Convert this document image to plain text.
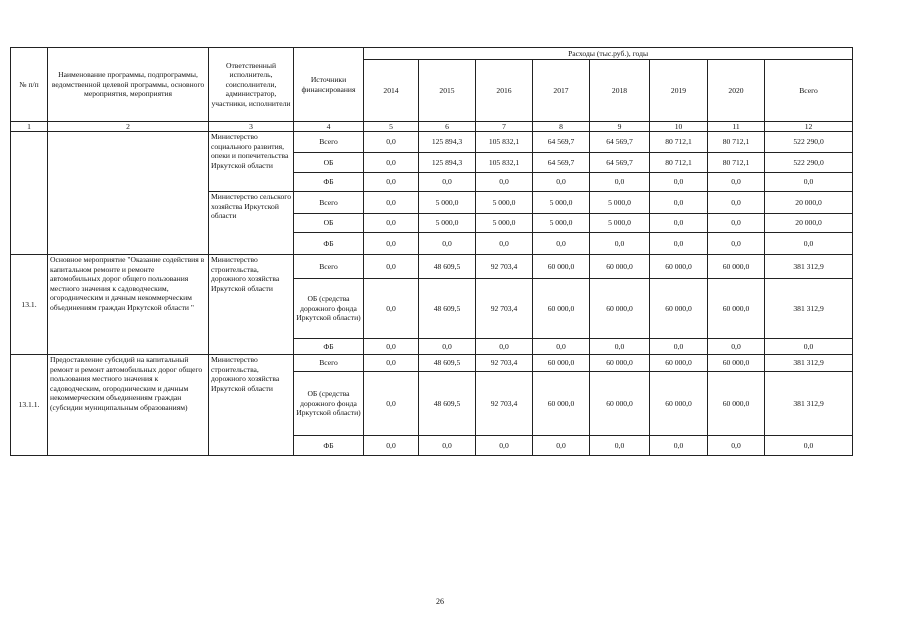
№ п/п	Наименование программы, подпрограммы, ведомственной целевой программы, основного мероприятия, мероприятия	Ответственный исполнитель, соисполнители, администратор, участники, исполнители	Источники финансирования	Расходы (тыс.руб.), годы							
				2014	2015	2016	2017	2018	2019	2020	Всего
1	2	3	4	5	6	7	8	9	10	11	12
		Министерство социального развития, опеки и попечительства Иркутской области	Всего	0,0	125 894,3	105 832,1	64 569,7	64 569,7	80 712,1	80 712,1	522 290,0
			ОБ	0,0	125 894,3	105 832,1	64 569,7	64 569,7	80 712,1	80 712,1	522 290,0
			ФБ	0,0	0,0	0,0	0,0	0,0	0,0	0,0	0,0
		Министерство сельского хозяйства Иркутской области	Всего	0,0	5 000,0	5 000,0	5 000,0	5 000,0	0,0	0,0	20 000,0
			ОБ	0,0	5 000,0	5 000,0	5 000,0	5 000,0	0,0	0,0	20 000,0
			ФБ	0,0	0,0	0,0	0,0	0,0	0,0	0,0	0,0
13.1.	Основное мероприятие "Оказание содействия в капитальном ремонте и ремонте автомобильных дорог общего пользования местного значения к садоводческим, огородническим и дачным некоммерческим объединениям граждан Иркутской области "	Министерство строительства, дорожного хозяйства Иркутской области	Всего	0,0	48 609,5	92 703,4	60 000,0	60 000,0	60 000,0	60 000,0	381 312,9
			ОБ (средства дорожного фонда Иркутской области)	0,0	48 609,5	92 703,4	60 000,0	60 000,0	60 000,0	60 000,0	381 312,9
			ФБ	0,0	0,0	0,0	0,0	0,0	0,0	0,0	0,0
13.1.1.	Предоставление субсидий на капитальный ремонт и ремонт автомобильных дорог общего пользования местного значения к садоводческим, огородническим и дачным некоммерческим объединениям граждан (субсидии муниципальным образованиям)	Министерство строительства, дорожного хозяйства Иркутской области	Всего	0,0	48 609,5	92 703,4	60 000,0	60 000,0	60 000,0	60 000,0	381 312,9
			ОБ (средства дорожного фонда Иркутской области)	0,0	48 609,5	92 703,4	60 000,0	60 000,0	60 000,0	60 000,0	381 312,9
			ФБ	0,0	0,0	0,0	0,0	0,0	0,0	0,0	0,0
26
